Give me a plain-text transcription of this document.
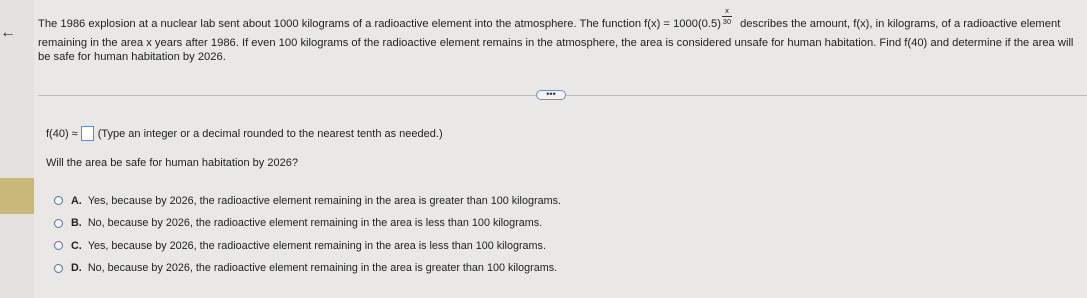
←	The 1986 explosion at a nuclear lab sent about 1000 kilograms of a radioactive element into the atmosphere. The function $f(x) = 1000(0.5) \frac{x}{30}$ describes the amount, f(x), in kilograms, of a radioactive element remaining in the area x years after 1986. If even 100 kilograms of the radioactive element remains in the atmosphere, the area is considered unsafe for human habitation. Find f(40) and determine if the area will be safe for human habitation by 2026.
•••
f(40) ≈ (Type an integer or a decimal rounded to the nearest tenth as needed.)
Will the area be safe for human habitation by 2026?
A. Yes, because by 2026, the radioactive element remaining in the area is greater than 100 kilograms.
B. No, because by 2026, the radioactive element remaining in the area is less than 100 kilograms.
C. Yes, because by 2026, the radioactive element remaining in the area is less than 100 kilograms.
D. No, because by 2026, the radioactive element remaining in the area is greater than 100 kilograms.
